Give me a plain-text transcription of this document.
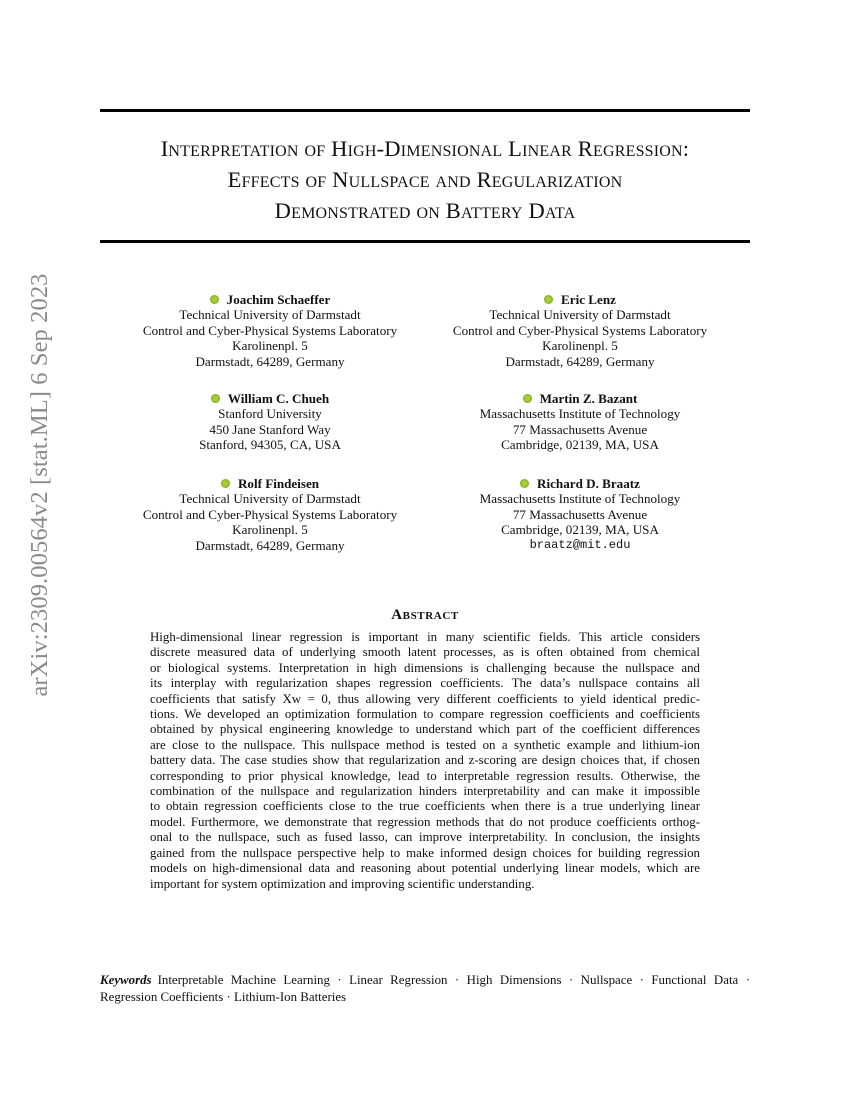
arXiv:2309.00564v2 [stat.ML] 6 Sep 2023
Interpretation of High-Dimensional Linear Regression:
Effects of Nullspace and Regularization
Demonstrated on Battery Data
Joachim Schaeffer
Technical University of Darmstadt
Control and Cyber-Physical Systems Laboratory
Karolinenpl. 5
Darmstadt, 64289, Germany
Eric Lenz
Technical University of Darmstadt
Control and Cyber-Physical Systems Laboratory
Karolinenpl. 5
Darmstadt, 64289, Germany
William C. Chueh
Stanford University
450 Jane Stanford Way
Stanford, 94305, CA, USA
Martin Z. Bazant
Massachusetts Institute of Technology
77 Massachusetts Avenue
Cambridge, 02139, MA, USA
Rolf Findeisen
Technical University of Darmstadt
Control and Cyber-Physical Systems Laboratory
Karolinenpl. 5
Darmstadt, 64289, Germany
Richard D. Braatz
Massachusetts Institute of Technology
77 Massachusetts Avenue
Cambridge, 02139, MA, USA
braatz@mit.edu
Abstract
High-dimensional linear regression is important in many scientific fields. This article considers
discrete measured data of underlying smooth latent processes, as is often obtained from chemical
or biological systems. Interpretation in high dimensions is challenging because the nullspace and
its interplay with regularization shapes regression coefficients. The data’s nullspace contains all
coefficients that satisfy Xw = 0, thus allowing very different coefficients to yield identical predic-
tions. We developed an optimization formulation to compare regression coefficients and coefficients
obtained by physical engineering knowledge to understand which part of the coefficient differences
are close to the nullspace. This nullspace method is tested on a synthetic example and lithium-ion
battery data. The case studies show that regularization and z-scoring are design choices that, if chosen
corresponding to prior physical knowledge, lead to interpretable regression results. Otherwise, the
combination of the nullspace and regularization hinders interpretability and can make it impossible
to obtain regression coefficients close to the true coefficients when there is a true underlying linear
model. Furthermore, we demonstrate that regression methods that do not produce coefficients orthog-
onal to the nullspace, such as fused lasso, can improve interpretability. In conclusion, the insights
gained from the nullspace perspective help to make informed design choices for building regression
models on high-dimensional data and reasoning about potential underlying linear models, which are
important for system optimization and improving scientific understanding.
Keywords Interpretable Machine Learning · Linear Regression · High Dimensions · Nullspace · Functional Data ·
Regression Coefficients · Lithium-Ion Batteries
